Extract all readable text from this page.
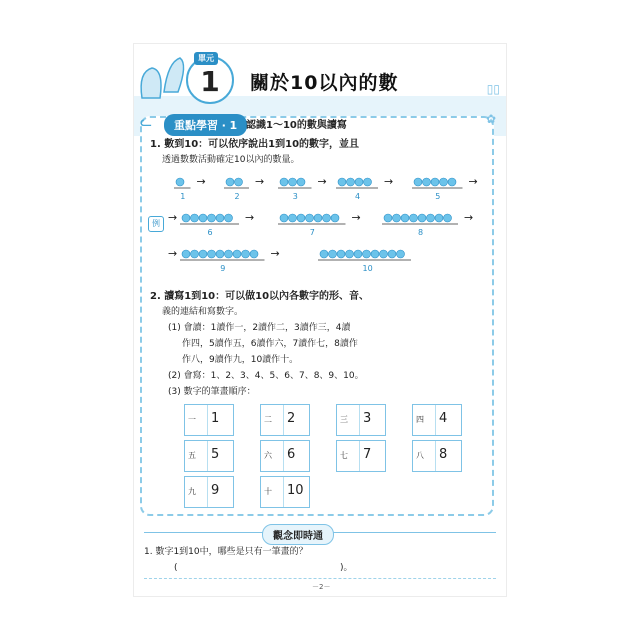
單元
1	關於10以內的數	▯▯
ᓚ	重點學習 ‧ 1 認識1～10的數與讀寫	✿
1. 數到10：可以依序說出1到10的數字，並且
透過數數活動確定10以內的數量。
例
1
→
2
→
3
→
4
→
5
→
6
→
→
7
→
8
→
9
→
→
10
2. 讀寫1到10：可以做10以內各數字的形、音、
義的連結和寫數字。
(1) 會讀：1讀作一，2讀作二，3讀作三，4讀
作四，5讀作五，6讀作六，7讀作七，8讀作
作八，9讀作九，10讀作十。
(2) 會寫：1、2、3、4、5、6、7、8、9、10。
(3) 數字的筆畫順序：
一 1	二 2	三 3	四 4
五 5	六 6	七 7	八 8
九 9	十 10
觀念即時通
1. 數字1到10中，哪些是只有一筆畫的？
(	)。
－2－
